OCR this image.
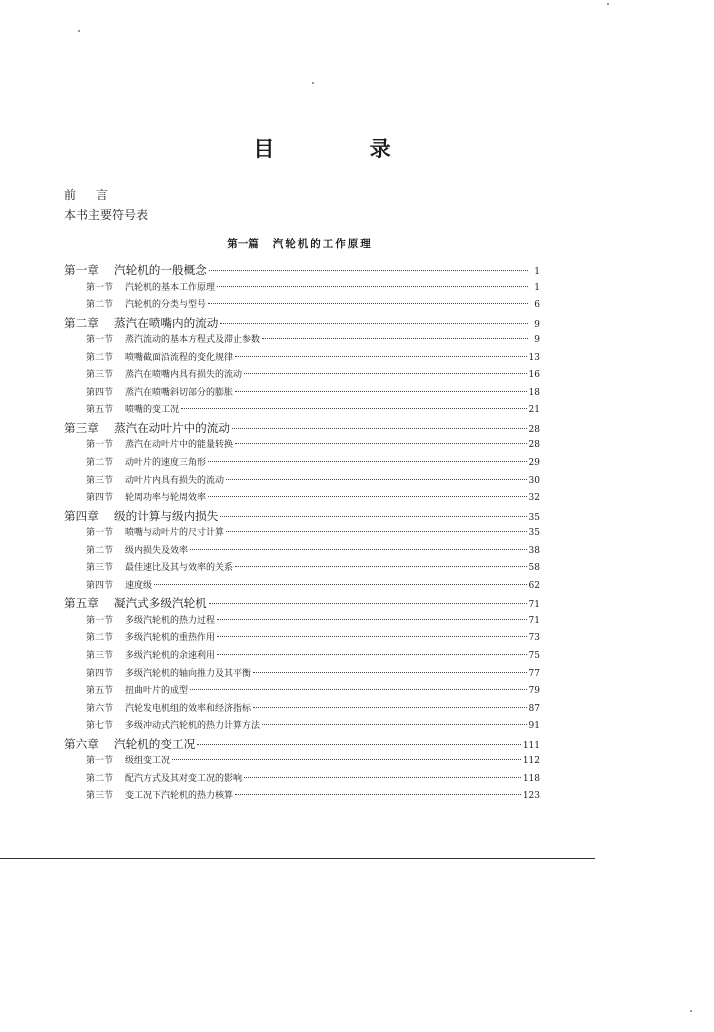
目 录
前 言
本书主要符号表
第一篇 汽轮机的工作原理
第一章	汽轮机的一般概念	1
第一节	汽轮机的基本工作原理	1
第二节	汽轮机的分类与型号	6
第二章	蒸汽在喷嘴内的流动	9
第一节	蒸汽流动的基本方程式及滞止参数	9
第二节	喷嘴截面沿流程的变化规律	13
第三节	蒸汽在喷嘴内具有损失的流动	16
第四节	蒸汽在喷嘴斜切部分的膨胀	18
第五节	喷嘴的变工况	21
第三章	蒸汽在动叶片中的流动	28
第一节	蒸汽在动叶片中的能量转换	28
第二节	动叶片的速度三角形	29
第三节	动叶片内具有损失的流动	30
第四节	轮周功率与轮周效率	32
第四章	级的计算与级内损失	35
第一节	喷嘴与动叶片的尺寸计算	35
第二节	级内损失及效率	38
第三节	最佳速比及其与效率的关系	58
第四节	速度级	62
第五章	凝汽式多级汽轮机	71
第一节	多级汽轮机的热力过程	71
第二节	多级汽轮机的重热作用	73
第三节	多级汽轮机的余速利用	75
第四节	多级汽轮机的轴向推力及其平衡	77
第五节	扭曲叶片的成型	79
第六节	汽轮发电机组的效率和经济指标	87
第七节	多级冲动式汽轮机的热力计算方法	91
第六章	汽轮机的变工况	111
第一节	级组变工况	112
第二节	配汽方式及其对变工况的影响	118
第三节	变工况下汽轮机的热力核算	123
